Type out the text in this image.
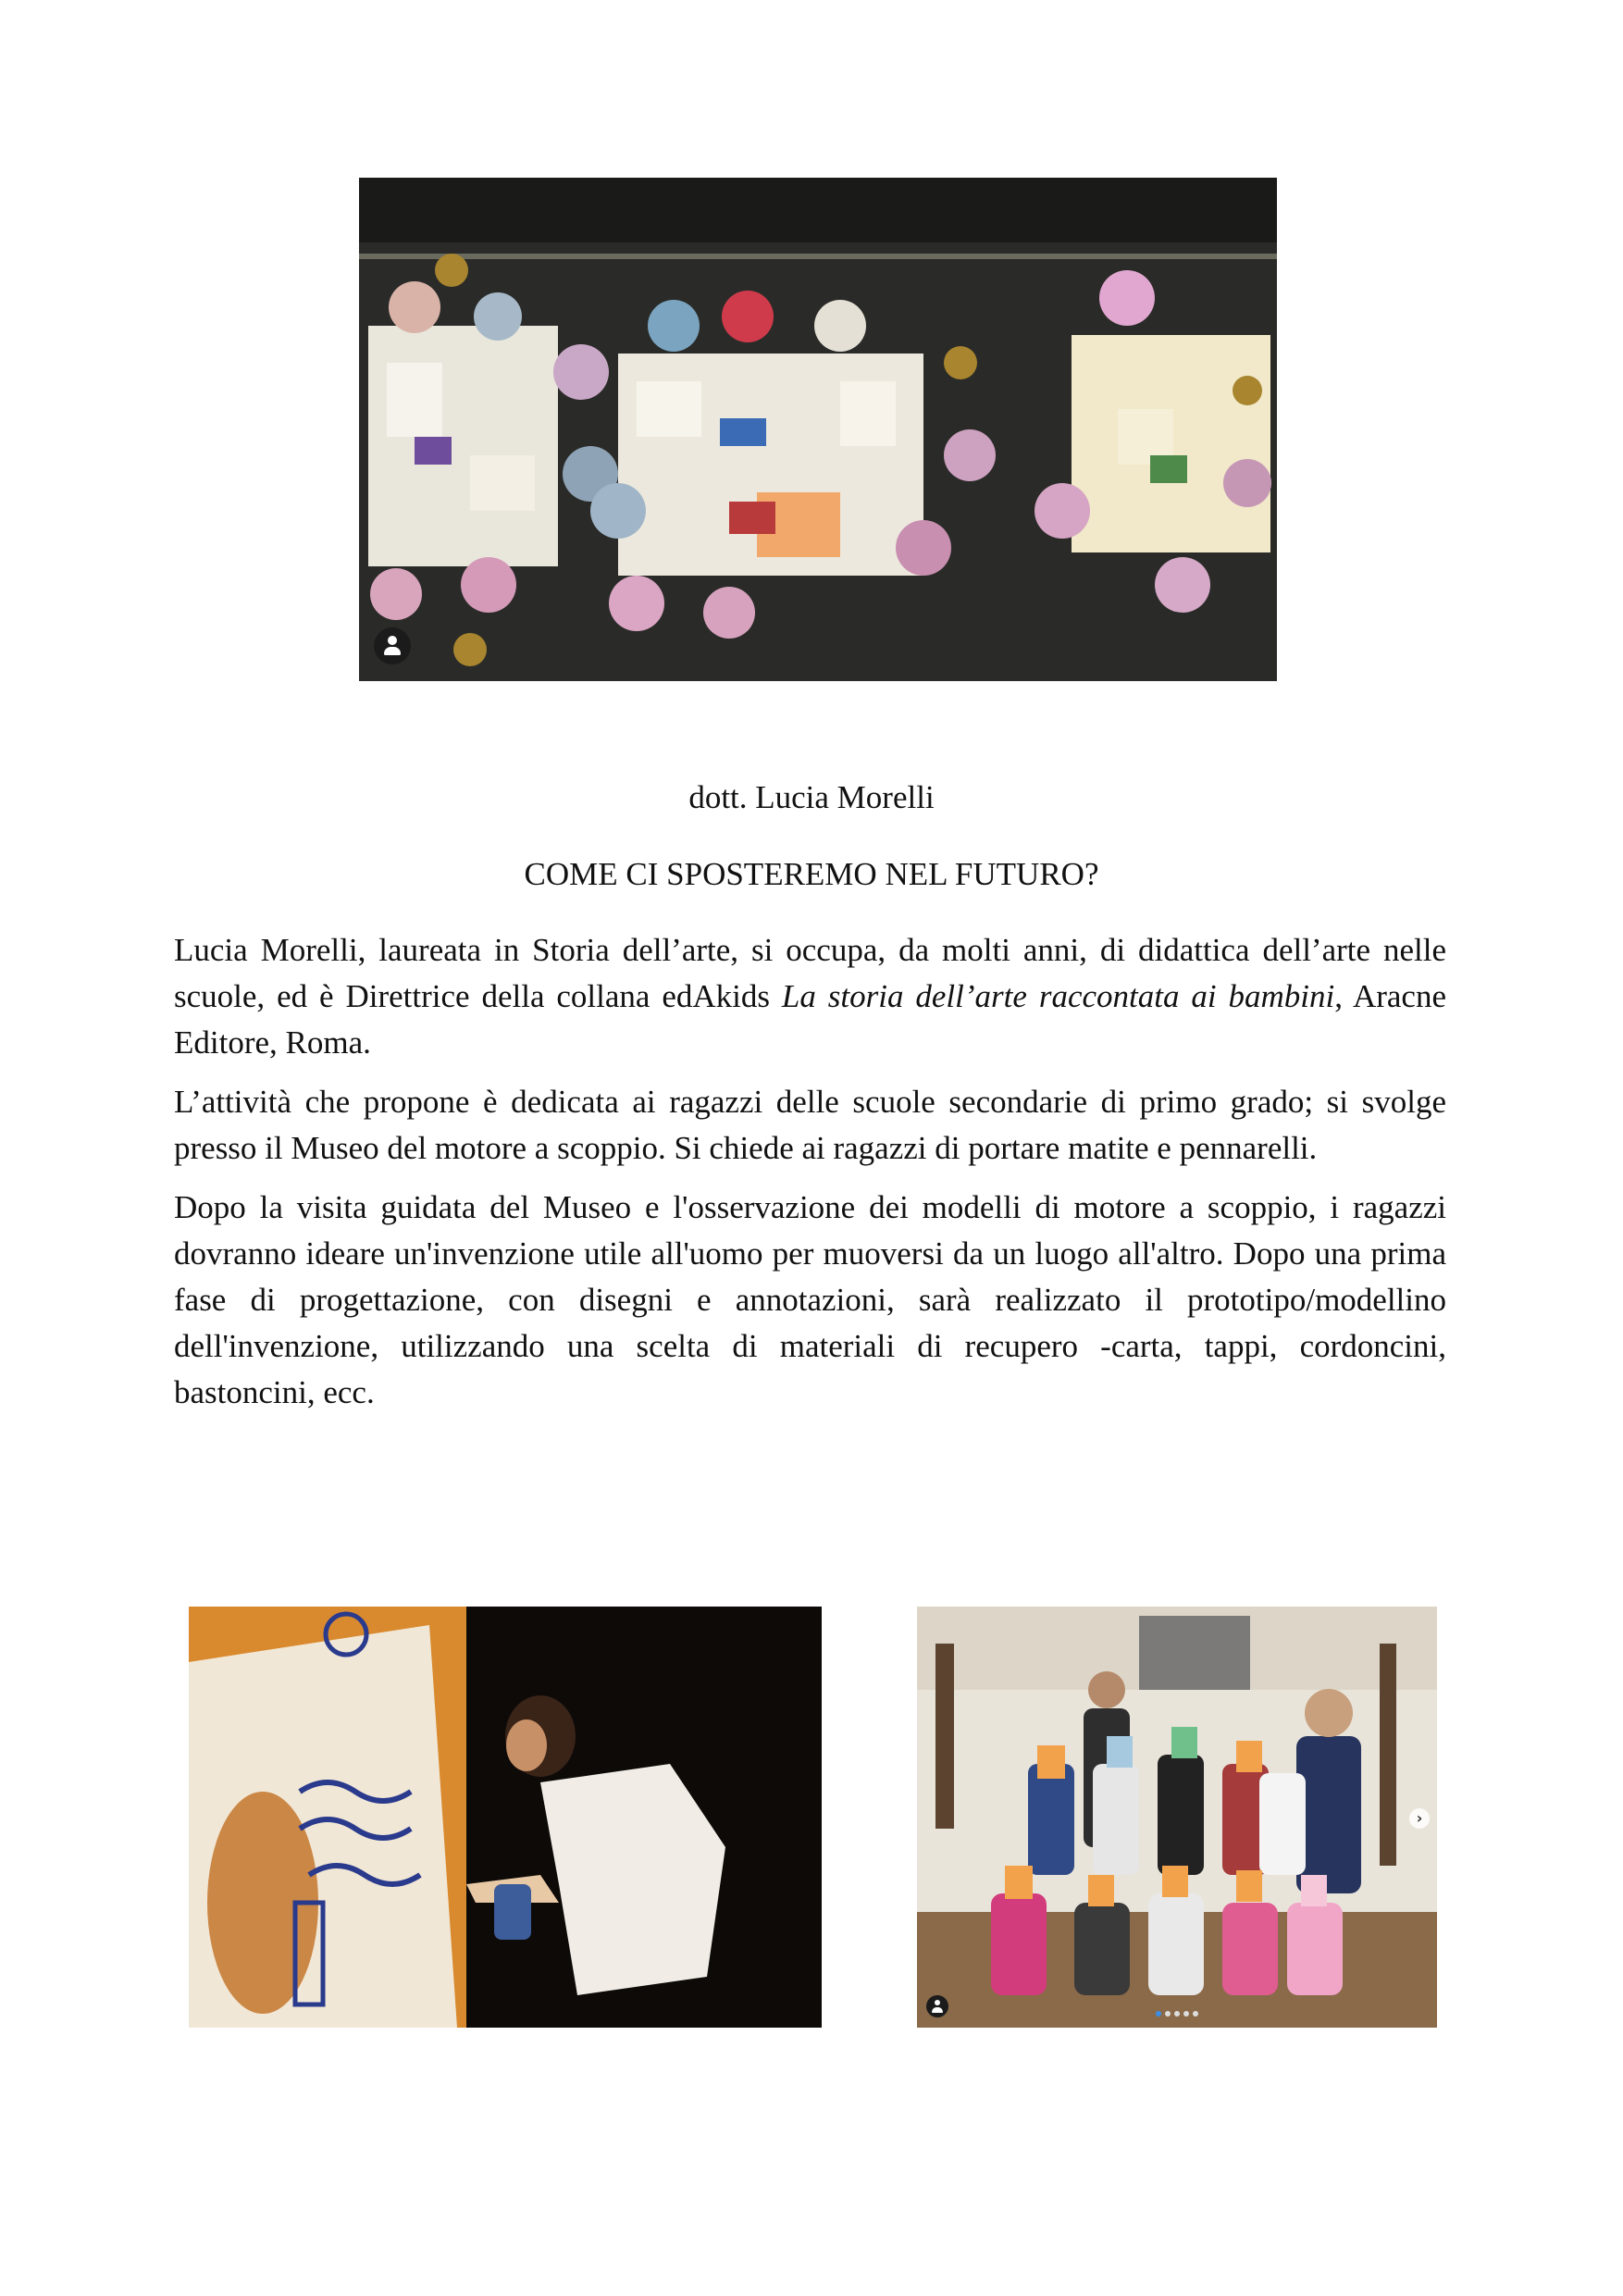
dott. Lucia Morelli
COME CI SPOSTEREMO NEL FUTURO?

Lucia Morelli, laureata in Storia dell’arte, si occupa, da molti anni, di didattica dell’arte nelle scuole, ed è Direttrice della collana edAkids La storia dell’arte raccontata ai bambini, Aracne Editore, Roma.

L’attività che propone è dedicata ai ragazzi delle scuole secondarie di primo grado; si svolge presso il Museo del motore a scoppio. Si chiede ai ragazzi di portare matite e pennarelli.

Dopo la visita guidata del Museo e l'osservazione dei modelli di motore a scoppio, i ragazzi dovranno ideare un'invenzione utile all'uomo per muoversi da un luogo all'altro. Dopo una prima fase di progettazione, con disegni e annotazioni, sarà realizzato il prototipo/modellino dell'invenzione, utilizzando una scelta di materiali di recupero -carta, tappi, cordoncini, bastoncini, ecc.

›
